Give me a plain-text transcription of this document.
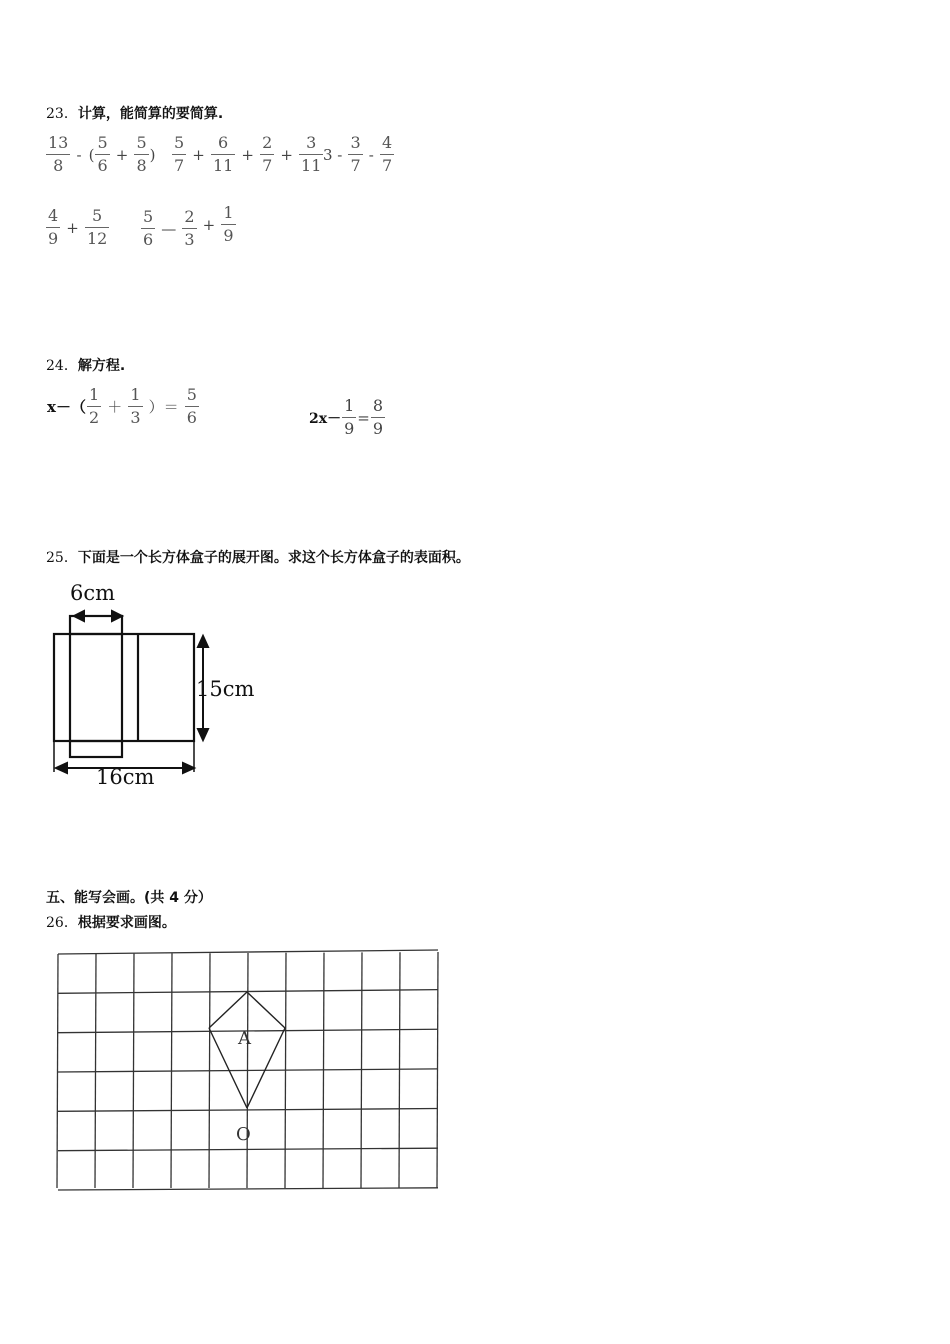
23．计算，能简算的要简算.
$\frac{13}{8}$ - ( $\frac{5}{6} + \frac{5}{8}$ ) $\frac{5}{7} + \frac{6}{11} + \frac{2}{7} + \frac{3}{11} 3 - \frac{3}{7} - \frac{4}{7}$
$\frac{4}{9} + \frac{5}{12} \frac{5}{6}$ — $\frac{2}{3} + \frac{1}{9}$
24．解方程.
$x-( \frac{1}{2} + \frac{1}{3}$ ）＝ $\frac{5}{6}$	$2x- \frac{1}{9} = \frac{8}{9}$
25．下面是一个长方体盒子的展开图。求这个长方体盒子的表面积。
6cm
15cm
16cm
五、能写会画。(共 4 分）
26．根据要求画图。
A
O
